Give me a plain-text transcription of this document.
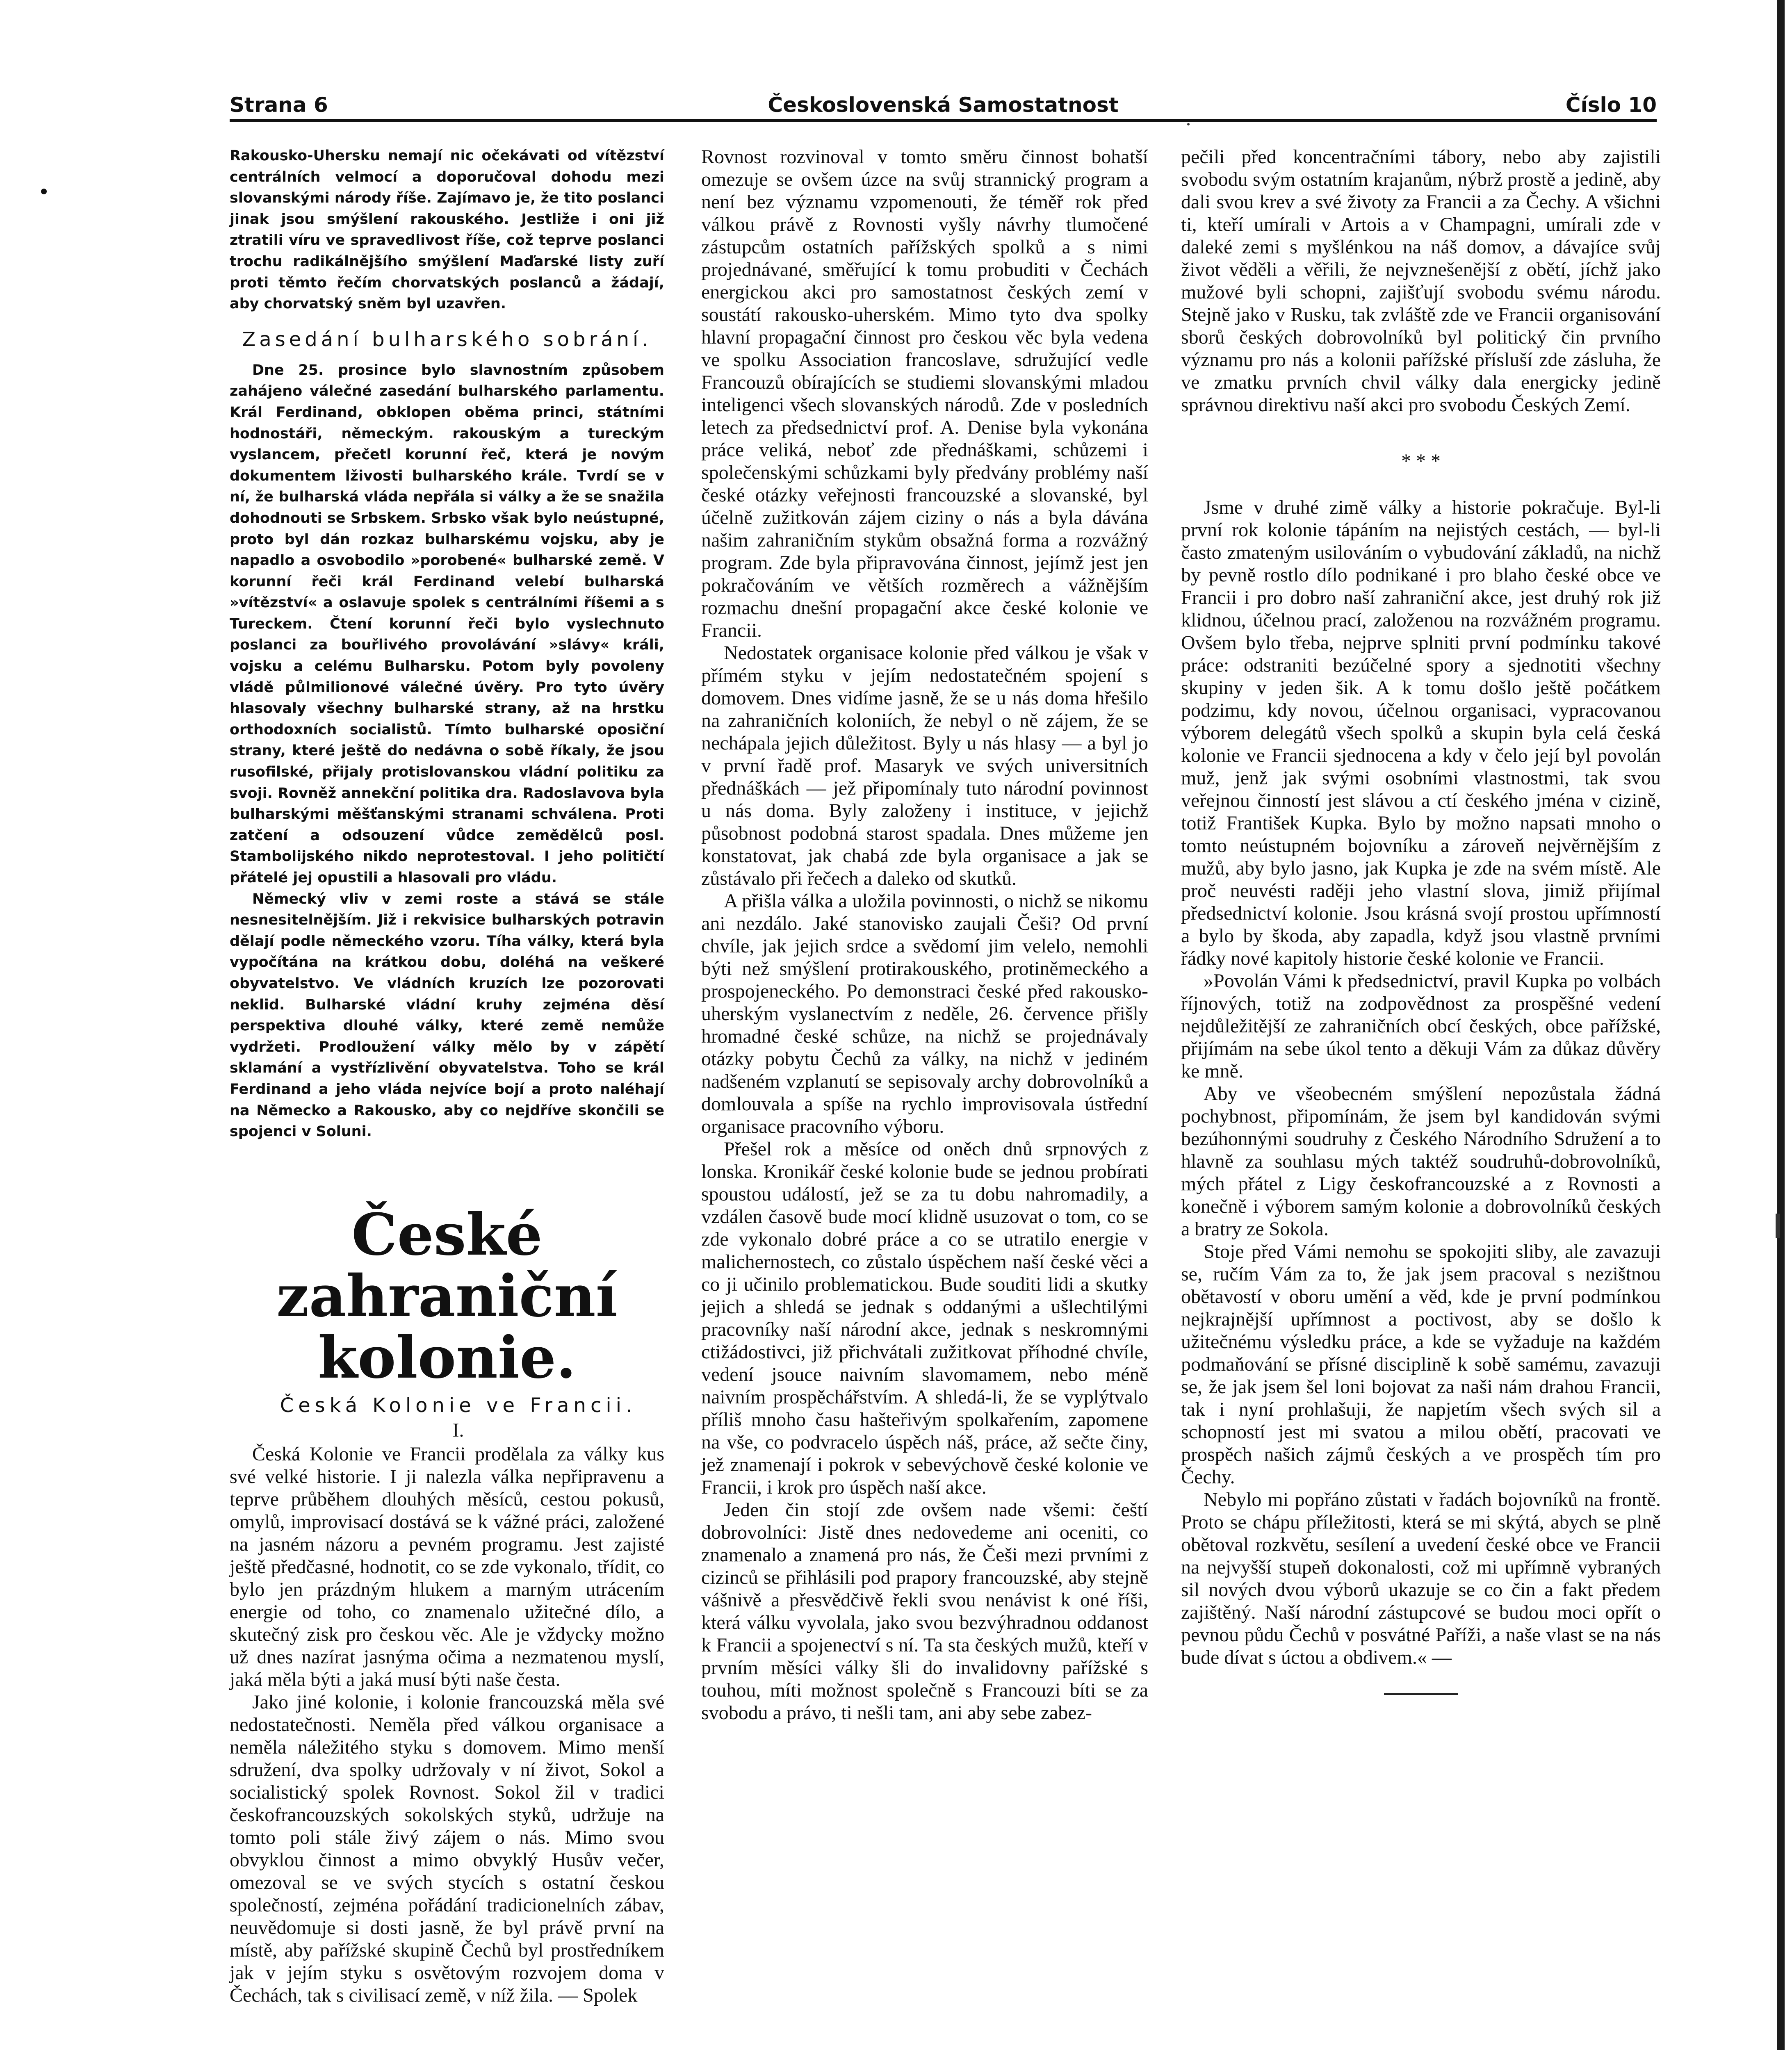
Strana 6	Československá Samostatnost	Číslo 10

Rakousko-Uhersku nemají nic očekávati od vítězství centrálních velmocí a doporučoval dohodu mezi slovanskými národy říše. Zajímavo je, že tito poslanci jinak jsou smýšlení rakouského. Jestliže i oni již ztratili víru ve spravedlivost říše, což teprve poslanci trochu radikálnějšího smýšlení Maďarské listy zuří proti těmto řečím chorvatských poslanců a žádají, aby chorvatský sněm byl uzavřen.

Zasedání bulharského sobrání.

Dne 25. prosince bylo slavnostním způsobem zahájeno válečné zasedání bulharského parlamentu. Král Ferdinand, obklopen oběma princi, státními hodnostáři, německým. rakouským a tureckým vyslancem, přečetl korunní řeč, která je novým dokumentem lživosti bulharského krále. Tvrdí se v ní, že bulharská vláda nepřála si války a že se snažila dohodnouti se Srbskem. Srbsko však bylo neústupné, proto byl dán rozkaz bulharskému vojsku, aby je napadlo a osvobodilo »porobené« bulharské země. V korunní řeči král Ferdinand velebí bulharská »vítězství« a oslavuje spolek s centrálními říšemi a s Tureckem. Čtení korunní řeči bylo vyslechnuto poslanci za bouřlivého provolávání »slávy« králi, vojsku a celému Bulharsku. Potom byly povoleny vládě půlmilionové válečné úvěry. Pro tyto úvěry hlasovaly všechny bulharské strany, až na hrstku orthodoxních socialistů. Tímto bulharské oposiční strany, které ještě do nedávna o sobě říkaly, že jsou rusofilské, přijaly protislovanskou vládní politiku za svoji. Rovněž annekční politika dra. Radoslavova byla bulharskými měšťanskými stranami schválena. Proti zatčení a odsouzení vůdce zemědělců posl. Stambolijského nikdo neprotestoval. I jeho političtí přátelé jej opustili a hlasovali pro vládu.

Německý vliv v zemi roste a stává se stále nesnesitelnějším. Již i rekvisice bulharských potravin dělají podle německého vzoru. Tíha války, která byla vypočítána na krátkou dobu, doléhá na veškeré obyvatelstvo. Ve vládních kruzích lze pozorovati neklid. Bulharské vládní kruhy zejména děsí perspektiva dlouhé války, které země nemůže vydržeti. Prodloužení války mělo by v zápětí sklamání a vystřízlivění obyvatelstva. Toho se král Ferdinand a jeho vláda nejvíce bojí a proto naléhají na Německo a Rakousko, aby co nejdříve skončili se spojenci v Soluni.

České zahraniční kolonie.

Česká Kolonie ve Francii.

I.

Česká Kolonie ve Francii prodělala za války kus své velké historie. I ji nalezla válka nepřipravenu a teprve průběhem dlouhých měsíců, cestou pokusů, omylů, improvisací dostává se k vážné práci, založené na jasném názoru a pevném programu. Jest zajisté ještě předčasné, hodnotit, co se zde vykonalo, třídit, co bylo jen prázdným hlukem a marným utrácením energie od toho, co znamenalo užitečné dílo, a skutečný zisk pro českou věc. Ale je vždycky možno už dnes nazírat jasnýma očima a nezmatenou myslí, jaká měla býti a jaká musí býti naše česta.

Jako jiné kolonie, i kolonie francouzská měla své nedostatečnosti. Neměla před válkou organisace a neměla náležitého styku s domovem. Mimo menší sdružení, dva spolky udržovaly v ní život, Sokol a socialistický spolek Rovnost. Sokol žil v tradici českofrancouzských sokolských styků, udržuje na tomto poli stále živý zájem o nás. Mimo svou obvyklou činnost a mimo obvyklý Husův večer, omezoval se ve svých stycích s ostatní českou společností, zejména pořádání tradicionelních zábav, neuvědomuje si dosti jasně, že byl právě první na místě, aby pařížské skupině Čechů byl prostředníkem jak v jejím styku s osvětovým rozvojem doma v Čechách, tak s civilisací země, v níž žila. — Spolek

Rovnost rozvinoval v tomto směru činnost bohatší omezuje se ovšem úzce na svůj strannický program a není bez významu vzpomenouti, že téměř rok před válkou právě z Rovnosti vyšly návrhy tlumočené zástupcům ostatních pařížských spolků a s nimi projednávané, směřující k tomu probuditi v Čechách energickou akci pro samostatnost českých zemí v soustátí rakousko-uherském. Mimo tyto dva spolky hlavní propagační činnost pro českou věc byla vedena ve spolku Association francoslave, sdružující vedle Francouzů obírajících se studiemi slovanskými mladou inteligenci všech slovanských národů. Zde v posledních letech za předsednictví prof. A. Denise byla vykonána práce veliká, neboť zde přednáškami, schůzemi i společenskými schůzkami byly předvány problémy naší české otázky veřejnosti francouzské a slovanské, byl účelně zužitkován zájem ciziny o nás a byla dávána našim zahraničním stykům obsažná forma a rozvážný program. Zde byla připravována činnost, jejímž jest jen pokračováním ve větších rozměrech a vážnějším rozmachu dnešní propagační akce české kolonie ve Francii.

Nedostatek organisace kolonie před válkou je však v přímém styku v jejím nedostatečném spojení s domovem. Dnes vidíme jasně, že se u nás doma hřešilo na zahraničních koloniích, že nebyl o ně zájem, že se nechápala jejich důležitost. Byly u nás hlasy — a byl jo v první řadě prof. Masaryk ve svých universitních přednáškách — jež připomínaly tuto národní povinnost u nás doma. Byly založeny i instituce, v jejichž působnost podobná starost spadala. Dnes můžeme jen konstatovat, jak chabá zde byla organisace a jak se zůstávalo při řečech a daleko od skutků.

A přišla válka a uložila povinnosti, o nichž se nikomu ani nezdálo. Jaké stanovisko zaujali Češi? Od první chvíle, jak jejich srdce a svědomí jim velelo, nemohli býti než smýšlení protirakouského, protiněmeckého a prospojeneckého. Po demonstraci české před rakousko-uherským vyslanectvím z neděle, 26. července přišly hromadné české schůze, na nichž se projednávaly otázky pobytu Čechů za války, na nichž v jediném nadšeném vzplanutí se sepisovaly archy dobrovolníků a domlouvala a spíše na rychlo improvisovala ústřední organisace pracovního výboru.

Přešel rok a měsíce od oněch dnů srpnových z lonska. Kronikář české kolonie bude se jednou probírati spoustou událostí, jež se za tu dobu nahromadily, a vzdálen časově bude mocí klidně usuzovat o tom, co se zde vykonalo dobré práce a co se utratilo energie v malichernostech, co zůstalo úspěchem naší české věci a co ji učinilo problematickou. Bude souditi lidi a skutky jejich a shledá se jednak s oddanými a ušlechtilými pracovníky naší národní akce, jednak s neskromnými ctižádostivci, již přichvátali zužitkovat příhodné chvíle, vedení jsouce naivním slavomamem, nebo méně naivním prospěchářstvím. A shledá-li, že se vyplýtvalo příliš mnoho času hašteřivým spolkařením, zapomene na vše, co podvracelo úspěch náš, práce, až sečte činy, jež znamenají i pokrok v sebevýchově české kolonie ve Francii, i krok pro úspěch naší akce.

Jeden čin stojí zde ovšem nade všemi: čeští dobrovolníci: Jistě dnes nedovedeme ani oceniti, co znamenalo a znamená pro nás, že Češi mezi prvními z cizinců se přihlásili pod prapory francouzské, aby stejně vášnivě a přesvědčivě řekli svou nenávist k oné říši, která válku vyvolala, jako svou bezvýhradnou oddanost k Francii a spojenectví s ní. Ta sta českých mužů, kteří v prvním měsíci války šli do invalidovny pařížské s touhou, míti možnost společně s Francouzi bíti se za svobodu a právo, ti nešli tam, ani aby sebe zabez-

pečili před koncentračními tábory, nebo aby zajistili svobodu svým ostatním krajanům, nýbrž prostě a jedině, aby dali svou krev a své životy za Francii a za Čechy. A všichni ti, kteří umírali v Artois a v Champagni, umírali zde v daleké zemi s myšlénkou na náš domov, a dávajíce svůj život věděli a věřili, že nejvznešenější z obětí, jíchž jako mužové byli schopni, zajišťují svobodu svému národu. Stejně jako v Rusku, tak zvláště zde ve Francii organisování sborů českých dobrovolníků byl politický čin prvního významu pro nás a kolonii pařížské přísluší zde zásluha, že ve zmatku prvních chvil války dala energicky jedině správnou direktivu naší akci pro svobodu Českých Zemí.

* * *

Jsme v druhé zimě války a historie pokračuje. Byl-li první rok kolonie tápáním na nejistých cestách, — byl-li často zmateným usilováním o vybudování základů, na nichž by pevně rostlo dílo podnikané i pro blaho české obce ve Francii i pro dobro naší zahraniční akce, jest druhý rok již klidnou, účelnou prací, založenou na rozvážném programu. Ovšem bylo třeba, nejprve splniti první podmínku takové práce: odstraniti bezúčelné spory a sjednotiti všechny skupiny v jeden šik. A k tomu došlo ještě počátkem podzimu, kdy novou, účelnou organisaci, vypracovanou výborem delegátů všech spolků a skupin byla celá česká kolonie ve Francii sjednocena a kdy v čelo její byl povolán muž, jenž jak svými osobními vlastnostmi, tak svou veřejnou činností jest slávou a ctí českého jména v cizině, totiž František Kupka. Bylo by možno napsati mnoho o tomto neústupném bojovníku a zároveň nejvěrnějším z mužů, aby bylo jasno, jak Kupka je zde na svém místě. Ale proč neuvésti raději jeho vlastní slova, jimiž přijímal předsednictví kolonie. Jsou krásná svojí prostou upřímností a bylo by škoda, aby zapadla, když jsou vlastně prvními řádky nové kapitoly historie české kolonie ve Francii.

»Povolán Vámi k předsednictví, pravil Kupka po volbách říjnových, totiž na zodpovědnost za prospěšné vedení nejdůležitější ze zahraničních obcí českých, obce pařížské, přijímám na sebe úkol tento a děkuji Vám za důkaz důvěry ke mně.

Aby ve všeobecném smýšlení nepozůstala žádná pochybnost, připomínám, že jsem byl kandidován svými bezúhonnými soudruhy z Českého Národního Sdružení a to hlavně za souhlasu mých taktéž soudruhů-dobrovolníků, mých přátel z Ligy českofrancouzské a z Rovnosti a konečně i výborem samým kolonie a dobrovolníků českých a bratry ze Sokola.

Stoje před Vámi nemohu se spokojiti sliby, ale zavazuji se, ručím Vám za to, že jak jsem pracoval s nezištnou obětavostí v oboru umění a věd, kde je první podmínkou nejkrajnější upřímnost a poctivost, aby se došlo k užitečnému výsledku práce, a kde se vyžaduje na každém podmaňování se přísné disciplině k sobě samému, zavazuji se, že jak jsem šel loni bojovat za naši nám drahou Francii, tak i nyní prohlašuji, že napjetím všech svých sil a schopností jest mi svatou a milou obětí, pracovati ve prospěch našich zájmů českých a ve prospěch tím pro Čechy.

Nebylo mi popřáno zůstati v řadách bojovníků na frontě. Proto se chápu příležitosti, která se mi skýtá, abych se plně obětoval rozkvětu, sesílení a uvedení české obce ve Francii na nejvyšší stupeň dokonalosti, což mi upřímně vybraných sil nových dvou výborů ukazuje se co čin a fakt předem zajištěný. Naší národní zástupcové se budou moci opřít o pevnou půdu Čechů v posvátné Paříži, a naše vlast se na nás bude dívat s úctou a obdivem.« —
